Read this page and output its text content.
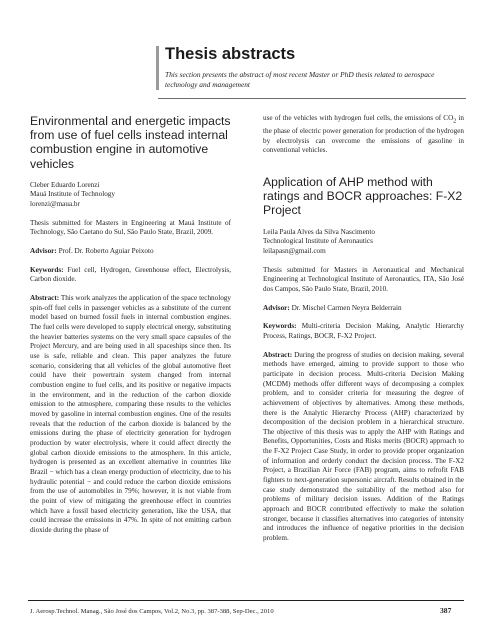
Thesis abstracts
This section presents the abstract of most recent Master or PhD thesis related to aerospace technology and management
Environmental and energetic impacts from use of fuel cells instead internal combustion engine in automotive vehicles

Cleber Eduardo Lorenzi

Mauá Institute of Technology

lorenzi@maua.br

Thesis submitted for Masters in Engineering at Mauá Institute of Technology, São Caetano do Sul, São Paulo State, Brazil, 2009.

Advisor: Prof. Dr. Roberto Aguiar Peixoto

Keywords: Fuel cell, Hydrogen, Greenhouse effect, Electrolysis, Carbon dioxide.

Abstract: This work analyzes the application of the space technology spin-off fuel cells in passenger vehicles as a substitute of the current model based on burned fossil fuels in internal combustion engines. The fuel cells were developed to supply electrical energy, substituting the heavier batteries systems on the very small space capsules of the Project Mercury, and are being used in all spaceships since then. Its use is safe, reliable and clean. This paper analyzes the future scenario, considering that all vehicles of the global automotive fleet could have their powertrain system changed from internal combustion engine to fuel cells, and its positive or negative impacts in the environment, and in the reduction of the carbon dioxide emission to the atmosphere, comparing these results to the vehicles moved by gasoline in internal combustion engines. One of the results reveals that the reduction of the carbon dioxide is balanced by the emissions during the phase of electricity generation for hydrogen production by water electrolysis, where it could affect directly the global carbon dioxide emissions to the atmosphere. In this article, hydrogen is presented as an excellent alternative in countries like Brazil − which has a clean energy production of electricity, due to his hydraulic potential − and could reduce the carbon dioxide emissions from the use of automobiles in 79%; however, it is not viable from the point of view of mitigating the greenhouse effect in countries which have a fossil based electricity generation, like the USA, that could increase the emissions in 47%. In spite of not emitting carbon dioxide during the phase of

use of the vehicles with hydrogen fuel cells, the emissions of $CO_2$ in the phase of electric power generation for production of the hydrogen by electrolysis can overcome the emissions of gasoline in conventional vehicles.

Application of AHP method with ratings and BOCR approaches: F-X2 Project

Leila Paula Alves da Silva Nascimento

Technological Institute of Aeronautics

leilapasn@gmail.com

Thesis submitted for Masters in Aeronautical and Mechanical Engineering at Technological Institute of Aeronautics, ITA, São José dos Campos, São Paulo State, Brazil, 2010.

Advisor: Dr. Mischel Carmen Neyra Belderrain

Keywords: Multi-criteria Decision Making, Analytic Hierarchy Process, Ratings, BOCR, F-X2 Project.

Abstract: During the progress of studies on decision making, several methods have emerged, aiming to provide support to those who participate in decision process. Multi-criteria Decision Making (MCDM) methods offer different ways of decomposing a complex problem, and to consider criteria for measuring the degree of achievement of objectives by alternatives. Among these methods, there is the Analytic Hierarchy Process (AHP) characterized by decomposition of the decision problem in a hierarchical structure. The objective of this thesis was to apply the AHP with Ratings and Benefits, Opportunities, Costs and Risks merits (BOCR) approach to the F-X2 Project Case Study, in order to provide proper organization of information and orderly conduct the decision process. The F-X2 Project, a Brazilian Air Force (FAB) program, aims to refrofit FAB fighters to next-generation supersonic aircraft. Results obtained in the case study demonstrated the suitability of the method also for problems of military decision issues. Addition of the Ratings approach and BOCR contributed effectively to make the solution stronger, because it classifies alternatives into categories of intensity and introduces the influence of negative priorities in the decision problem.

J. Aerosp.Technol. Manag., São José dos Campos, Vol.2, No.3, pp. 387-388, Sep-Dec., 2010	387
